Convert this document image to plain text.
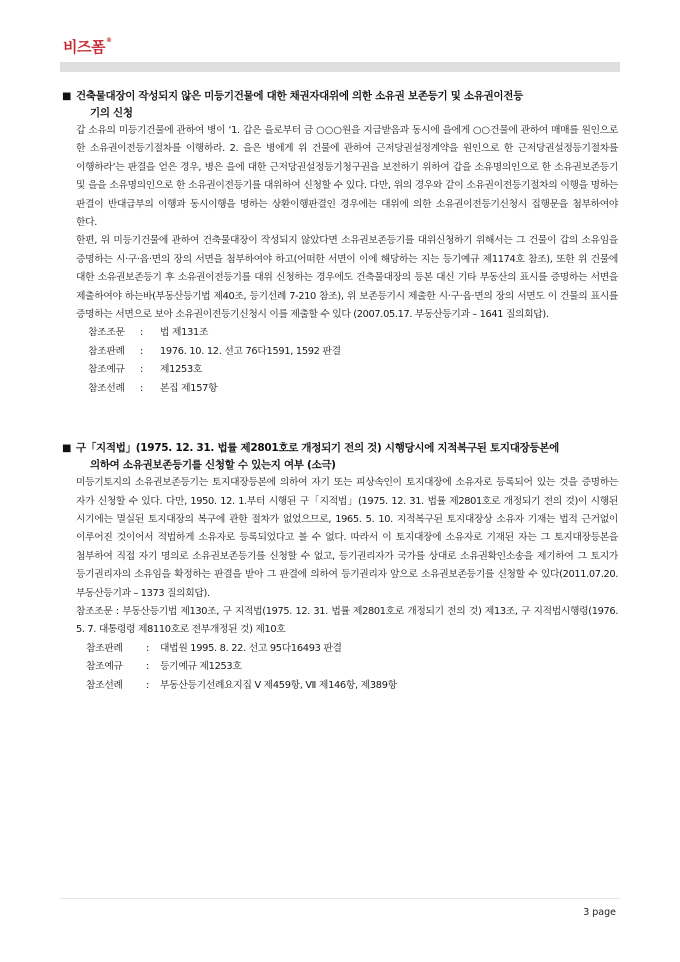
비즈폼 ®
■ 건축물대장이 작성되지 않은 미등기건물에 대한 채권자대위에 의한 소유권 보존등기 및 소유권이전등
기의 신청
갑 소유의 미등기건물에 관하여 병이 ‘1. 갑은 을로부터 금 ○○○원을 지급받음과 동시에 을에게 ○○건물에 관하여 매매를 원인으로 한 소유권이전등기절차를 이행하라. 2. 을은 병에게 위 건물에 관하여 근저당권설정계약을 원인으로 한 근저당권설정등기절차를 이행하라’는 판결을 얻은 경우, 병은 을에 대한 근저당권설정등기청구권을 보전하기 위하여 갑을 소유명의인으로 한 소유권보존등기 및 을을 소유명의인으로 한 소유권이전등기를 대위하여 신청할 수 있다. 다만, 위의 경우와 같이 소유권이전등기절차의 이행을 명하는 판결이 반대급부의 이행과 동시이행을 명하는 상환이행판결인 경우에는 대위에 의한 소유권이전등기신청시 집행문을 첨부하여야 한다.
한편, 위 미등기건물에 관하여 건축물대장이 작성되지 않았다면 소유권보존등기를 대위신청하기 위해서는 그 건물이 갑의 소유임을 증명하는 시·구·읍·면의 장의 서면을 첨부하여야 하고(어떠한 서면이 이에 해당하는 지는 등기예규 제1174호 참조), 또한 위 건물에 대한 소유권보존등기 후 소유권이전등기를 대위 신청하는 경우에도 건축물대장의 등본 대신 기타 부동산의 표시를 증명하는 서면을 제출하여야 하는바(부동산등기법 제40조, 등기선례 7-210 참조), 위 보존등기시 제출한 시·구·읍·면의 장의 서면도 이 건물의 표시를 증명하는 서면으로 보아 소유권이전등기신청시 이를 제출할 수 있다 (2007.05.17. 부동산등기과 – 1641 질의회답).
참조조문	:	법 제131조
참조판례	:	1976. 10. 12. 선고 76다1591, 1592 판결
참조예규	:	제1253호
참조선례	:	본집 제157항
■ 구「지적법」(1975. 12. 31. 법률 제2801호로 개정되기 전의 것) 시행당시에 지적복구된 토지대장등본에
의하여 소유권보존등기를 신청할 수 있는지 여부 (소극)
미등기토지의 소유권보존등기는 토지대장등본에 의하여 자기 또는 피상속인이 토지대장에 소유자로 등록되어 있는 것을 증명하는 자가 신청할 수 있다. 다만, 1950. 12. 1.부터 시행된 구「지적법」(1975. 12. 31. 법률 제2801호로 개정되기 전의 것)이 시행된 시기에는 멸실된 토지대장의 복구에 관한 절차가 없었으므로, 1965. 5. 10. 지적복구된 토지대장상 소유자 기재는 법적 근거없이 이루어진 것이어서 적법하게 소유자로 등록되었다고 볼 수 없다. 따라서 이 토지대장에 소유자로 기재된 자는 그 토지대장등본을 첨부하여 직접 자기 명의로 소유권보존등기를 신청할 수 없고, 등기권리자가 국가를 상대로 소유권확인소송을 제기하여 그 토지가 등기권리자의 소유임을 확정하는 판결을 받아 그 판결에 의하여 등기권리자 앞으로 소유권보존등기를 신청할 수 있다(2011.07.20. 부동산등기과 – 1373 질의회답).
참조조문 : 부동산등기법 제130조, 구 지적법(1975. 12. 31. 법률 제2801호로 개정되기 전의 것) 제13조, 구 지적법시행령(1976. 5. 7. 대통령령 제8110호로 전부개정된 것) 제10호
참조판례	:	대법원 1995. 8. 22. 선고 95다16493 판결
참조예규	:	등기예규 제1253호
참조선례	:	부동산등기선례요지집 Ⅴ 제459항, Ⅶ 제146항, 제389항
3 page
